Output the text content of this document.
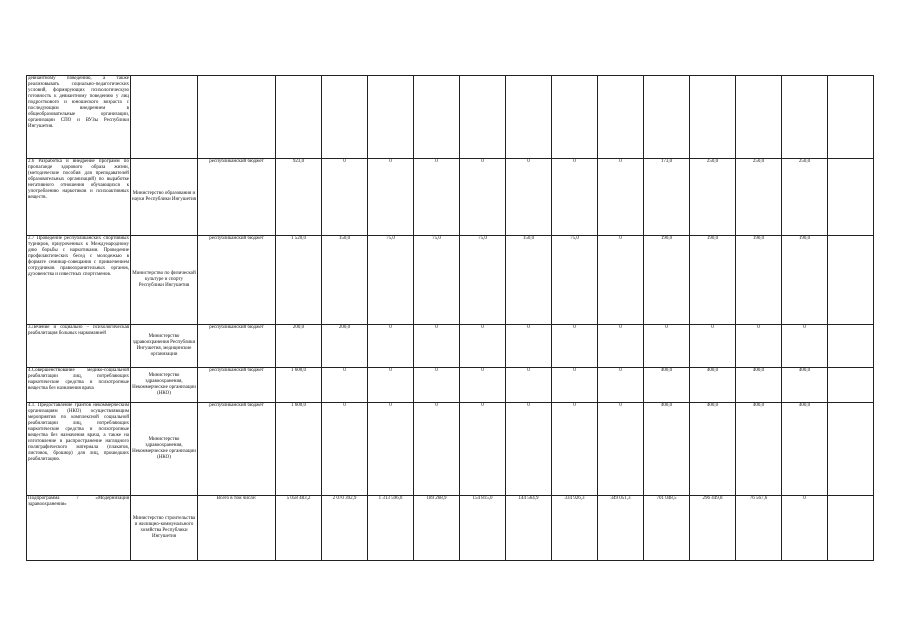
девиантному поведению, а также реализовывать социально-педагогических условий, формирующих психологическую готовность к девиантному поведению у лиц подросткового и юношеского возраста с последующим внедрением в общеобразовательные организации, организации СПО и ВУЗы Республики Ингушетия.															
2.6 Разработка и внедрение программ по пропаганде здорового образа жизни, (методические пособия для преподавателей образовательных организаций) по выработке негативного отношения обучающихся к употреблению наркотиков и психоактивных веществ.	Министерство образования и науки Республики Ингушетия	республиканский бюджет	923,0	0	0	0	0	0	0	0	173,0	250,0	250,0	250,0	
2.7 Проведение республиканских спортивных турниров, приуроченных к Международному дню борьбы с наркотиками. Проведение профилактических бесед с молодежью в формате семинар-совещания с привлечением сотрудников правоохранительных органов, духовенства и известных спортсменов.	Министерство по физической культуре и спорту Республики Ингушетия	республиканский бюджет	1 520,0	150,0	75,0	75,0	75,0	150,0	75,0	0	190,0	190,0	190,0	190,0	
3.Лечение и социально – психологическая реабилитация больных наркоманией	Министерство здравоохранения Республики Ингушетия, медицинские организации	республиканский бюджет	200,0	200,0	0	0	0	0	0	0	0	0	0	0	
4.Совершенствование медико-социальной реабилитации лиц, потребляющих наркотические средства и психотропные вещества без назначения врача	Министерство здравоохранения, Некоммерческие организации (НКО)	республиканский бюджет	1 600,0	0	0	0	0	0	0	0	400,0	400,0	400,0	400,0	
4.1. Предоставление грантов некоммерческим организациям (НКО) осуществляющим мероприятия по комплексной социальной реабилитации лиц, потребляющих наркотические средства и психотропные вещества без назначения врача, а также на изготовление и распространение наглядного полиграфического материала (плакатов, листовок, брошюр) для лиц, прошедших реабилитацию.	Министерство здравоохранения, Некоммерческие организации (НКО)	республиканский бюджет	1 600,0	0	0	0	0	0	0	0	400,0	400,0	400,0	400,0	
Подпрограмма 7 «Модернизация здравоохранения»	Министерство строительства и жилищно-коммунального хозяйства Республики Ингушетия	Всего в том числе:	5 058 483,2	2 070 392,9	1 313 596,0	189 268,9	154 815,0	144 564,9	334 926,3	349 051,3	701 048,5	296 449,8	76 567,6	0	
